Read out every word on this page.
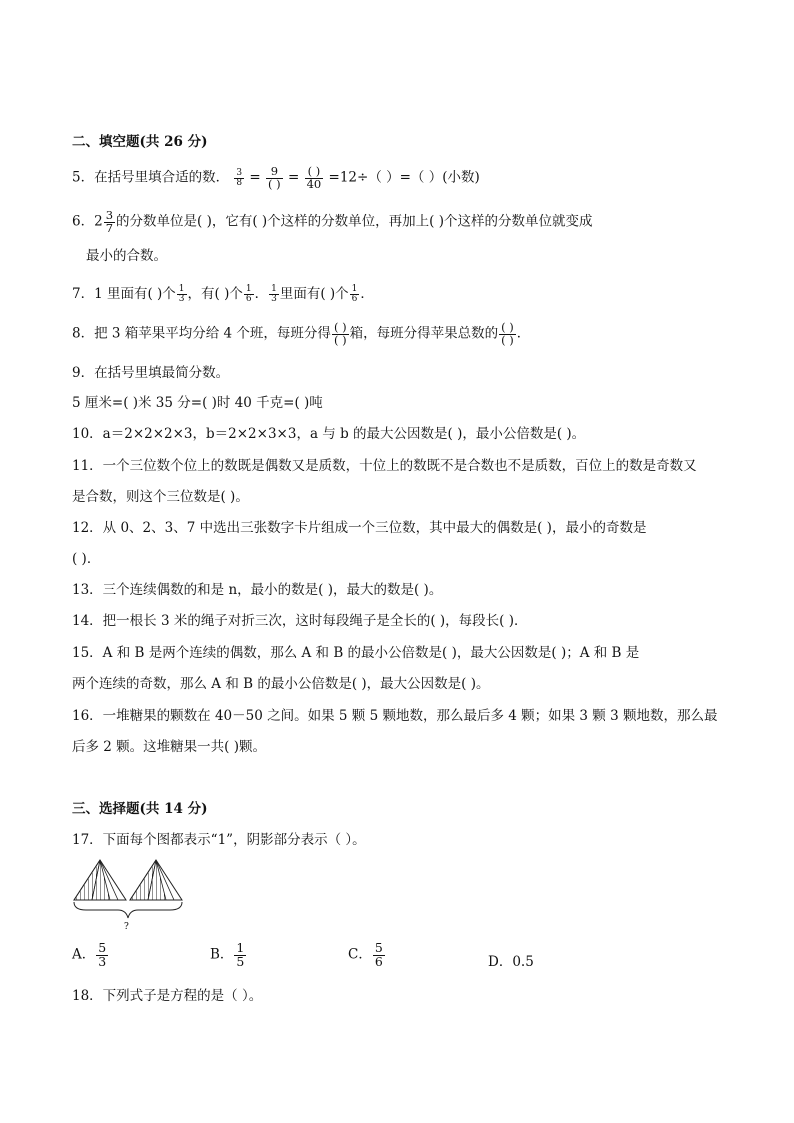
二、填空题(共 26 分)
5．在括号里填合适的数． $\frac{3}{8} = \frac{9}{( )} = \frac{( )}{40} =12\div$（ ）=（ ）(小数)
6．$2 \frac{3}{7}$ 的分数单位是( )，它有( )个这样的分数单位，再加上( )个这样的分数单位就变成
最小的合数。
7．1 里面有( )个 $\frac{1}{3}$ ，有( )个 $\frac{1}{6}$ ． $\frac{1}{3}$ 里面有( )个 $\frac{1}{6}$ ．
8．把 3 箱苹果平均分给 4 个班，每班分得 $\frac{( )}{( )}$ 箱，每班分得苹果总数的 $\frac{( )}{( )}$ ．
9．在括号里填最简分数。
5 厘米=( )米 35 分=( )时 40 千克=( )吨
10．a＝2×2×2×3，b＝2×2×3×3，a 与 b 的最大公因数是( )，最小公倍数是( )。
11．一个三位数个位上的数既是偶数又是质数，十位上的数既不是合数也不是质数，百位上的数是奇数又
是合数，则这个三位数是( )。
12．从 0、2、3、7 中选出三张数字卡片组成一个三位数，其中最大的偶数是( )，最小的奇数是
( )．
13．三个连续偶数的和是 n，最小的数是( )，最大的数是( )。
14．把一根长 3 米的绳子对折三次，这时每段绳子是全长的( )，每段长( )．
15．A 和 B 是两个连续的偶数，那么 A 和 B 的最小公倍数是( )，最大公因数是( )；A 和 B 是
两个连续的奇数，那么 A 和 B 的最小公倍数是( )，最大公因数是( )。
16．一堆糖果的颗数在 40－50 之间。如果 5 颗 5 颗地数，那么最后多 4 颗；如果 3 颗 3 颗地数，那么最
后多 2 颗。这堆糖果一共( )颗。
三、选择题(共 14 分)
17．下面每个图都表示“1”，阴影部分表示（ ）。
?
A． $\frac{5}{3}$	B． $\frac{1}{5}$	C． $\frac{5}{6}$	D．0.5
18．下列式子是方程的是（ ）。
